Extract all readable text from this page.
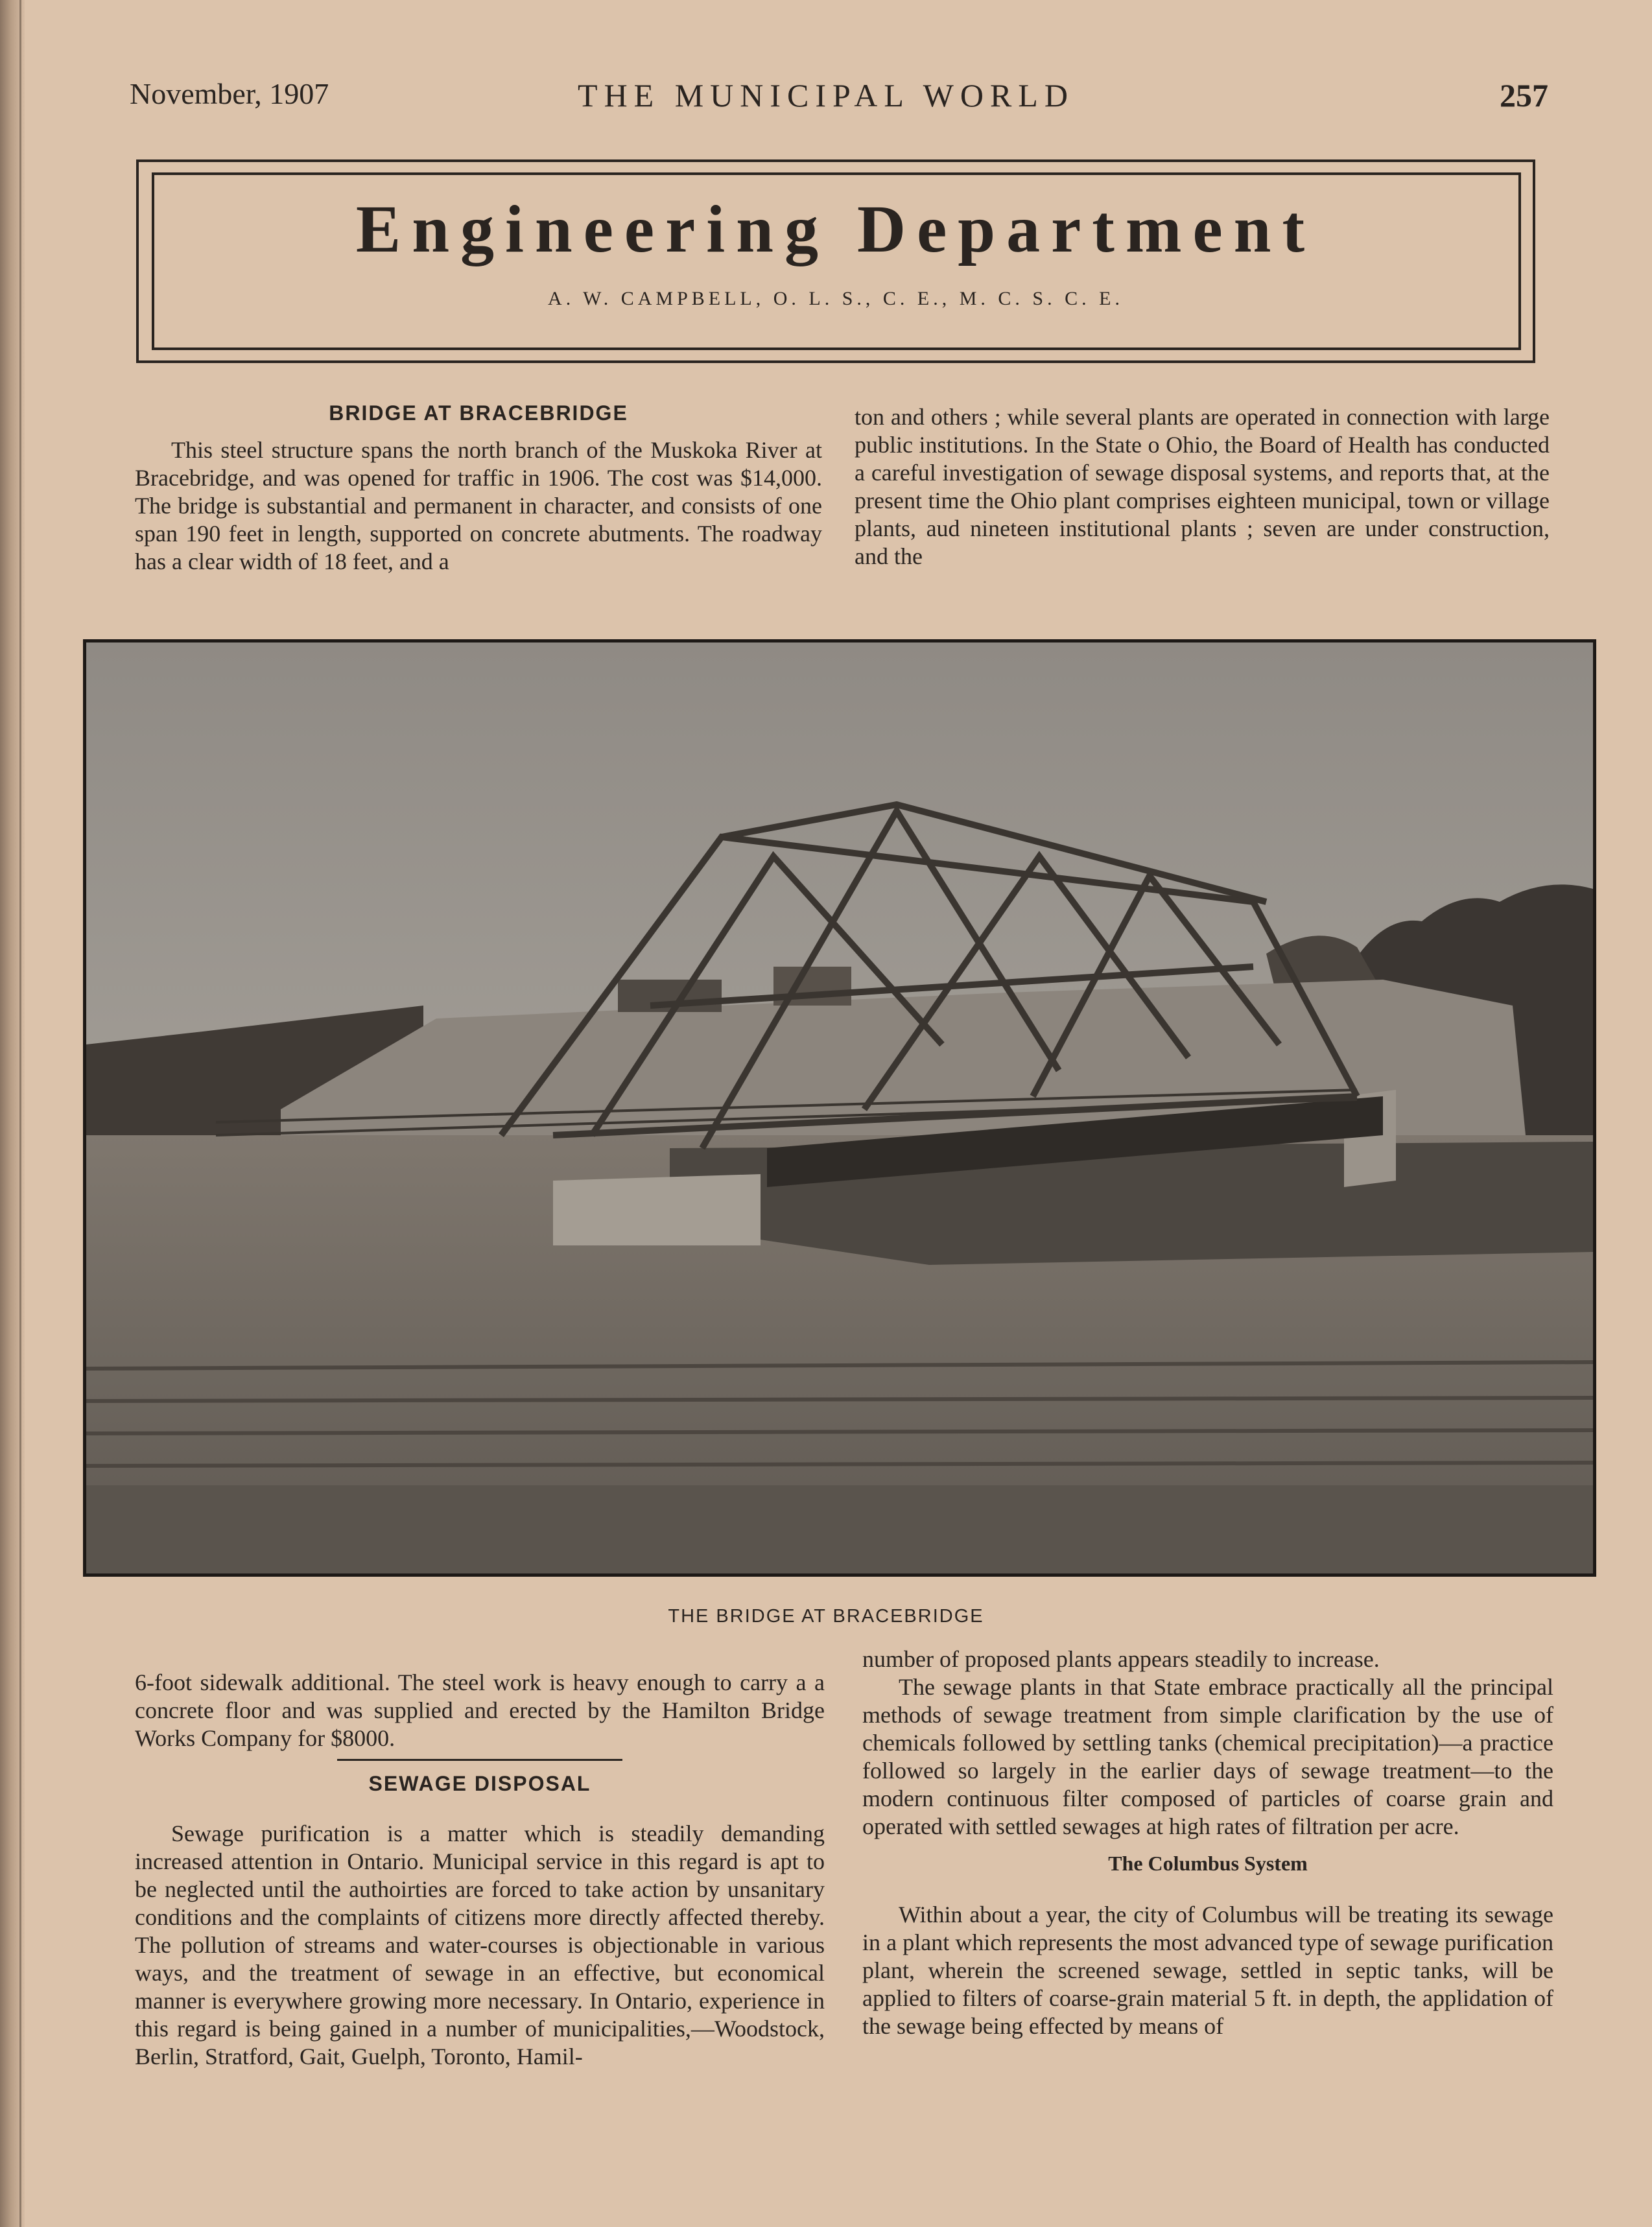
November, 1907	THE MUNICIPAL WORLD	257
Engineering Department
A. W. CAMPBELL, O. L. S., C. E., M. C. S. C. E.
BRIDGE AT BRACEBRIDGE

This steel structure spans the north branch of the Muskoka River at Bracebridge, and was opened for traffic in 1906. The cost was $14,000. The bridge is substantial and permanent in character, and consists of one span 190 feet in length, supported on concrete abutments. The roadway has a clear width of 18 feet, and a

ton and others ; while several plants are operated in connection with large public institutions. In the State o Ohio, the Board of Health has conducted a careful investigation of sewage disposal systems, and reports that, at the present time the Ohio plant comprises eighteen municipal, town or village plants, aud nineteen institutional plants ; seven are under construction, and the

THE BRIDGE AT BRACEBRIDGE

6-foot sidewalk additional. The steel work is heavy enough to carry a a concrete floor and was supplied and erected by the Hamilton Bridge Works Company for $8000.

SEWAGE DISPOSAL

Sewage purification is a matter which is steadily demanding increased attention in Ontario. Municipal service in this regard is apt to be neglected until the authoirties are forced to take action by unsanitary conditions and the complaints of citizens more directly affected thereby. The pollution of streams and water-courses is objectionable in various ways, and the treatment of sewage in an effective, but economical manner is everywhere growing more necessary. In Ontario, experience in this regard is being gained in a number of municipalities,—Woodstock, Berlin, Stratford, Gait, Guelph, Toronto, Hamil-

number of proposed plants appears steadily to increase.

The sewage plants in that State embrace practically all the principal methods of sewage treatment from simple clarification by the use of chemicals followed by settling tanks (chemical precipitation)—a practice followed so largely in the earlier days of sewage treatment—to the modern continuous filter composed of particles of coarse grain and operated with settled sewages at high rates of filtration per acre.

The Columbus System

Within about a year, the city of Columbus will be treating its sewage in a plant which represents the most advanced type of sewage purification plant, wherein the screened sewage, settled in septic tanks, will be applied to filters of coarse-grain material 5 ft. in depth, the applidation of the sewage being effected by means of
